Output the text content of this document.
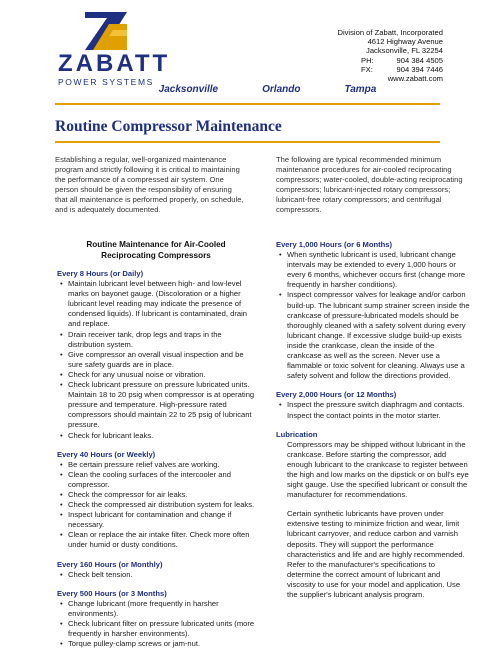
ZABATT
POWER SYSTEMS
Division of Zabatt, Incorporated
4612 Highway Avenue
Jacksonville, FL 32254
PH:	904 384 4505
FX:	904 394 7446
www.zabatt.com
Jacksonville	Orlando	Tampa
Routine Compressor Maintenance

Establishing a regular, well-organized maintenance program and strictly following it is critical to maintaining the performance of a compressed air system. One person should be given the responsibility of ensuring that all maintenance is performed properly, on schedule, and is adequately documented.

The following are typical recommended minimum maintenance procedures for air-cooled reciprocating compressors; water-cooled, double-acting reciprocating compressors; lubricant-injected rotary compressors; lubricant-free rotary compressors; and centrifugal compressors.

Routine Maintenance for Air-Cooled
Reciprocating Compressors
Every 8 Hours (or Daily)
• Maintain lubricant level between high- and low-level marks on bayonet gauge. (Discoloration or a higher lubricant level reading may indicate the presence of condensed liquids). If lubricant is contaminated, drain and replace.
• Drain receiver tank, drop legs and traps in the distribution system.
• Give compressor an overall visual inspection and be sure safety guards are in place.
• Check for any unusual noise or vibration.
• Check lubricant pressure on pressure lubricated units. Maintain 18 to 20 psig when compressor is at operating pressure and temperature. High-pressure rated compressors should maintain 22 to 25 psig of lubricant pressure.
• Check for lubricant leaks.
Every 40 Hours (or Weekly)
• Be certain pressure relief valves are working.
• Clean the cooling surfaces of the intercooler and compressor.
• Check the compressor for air leaks.
• Check the compressed air distribution system for leaks.
• Inspect lubricant for contamination and change if necessary.
• Clean or replace the air intake filter. Check more often under humid or dusty conditions.
Every 160 Hours (or Monthly)
• Check belt tension.
Every 500 Hours (or 3 Months)
• Change lubricant (more frequently in harsher environments).
• Check lubricant filter on pressure lubricated units (more frequently in harsher environments).
• Torque pulley-clamp screws or jam-nut.
Every 1,000 Hours (or 6 Months)
• When synthetic lubricant is used, lubricant change intervals may be extended to every 1,000 hours or every 6 months, whichever occurs first (change more frequently in harsher conditions).
• Inspect compressor valves for leakage and/or carbon build-up. The lubricant sump strainer screen inside the crankcase of pressure-lubricated models should be thoroughly cleaned with a safety solvent during every lubricant change. If excessive sludge build-up exists inside the crankcase, clean the inside of the crankcase as well as the screen. Never use a flammable or toxic solvent for cleaning. Always use a safety solvent and follow the directions provided.
Every 2,000 Hours (or 12 Months)
• Inspect the pressure switch diaphragm and contacts. Inspect the contact points in the motor starter.
Lubrication

Compressors may be shipped without lubricant in the crankcase. Before starting the compressor, add enough lubricant to the crankcase to register between the high and low marks on the dipstick or on bull's eye sight gauge. Use the specified lubricant or consult the manufacturer for recommendations.

Certain synthetic lubricants have proven under extensive testing to minimize friction and wear, limit lubricant carryover, and reduce carbon and varnish deposits. They will support the performance characteristics and life and are highly recommended. Refer to the manufacturer's specifications to determine the correct amount of lubricant and viscosity to use for your model and application. Use the supplier's lubricant analysis program.
